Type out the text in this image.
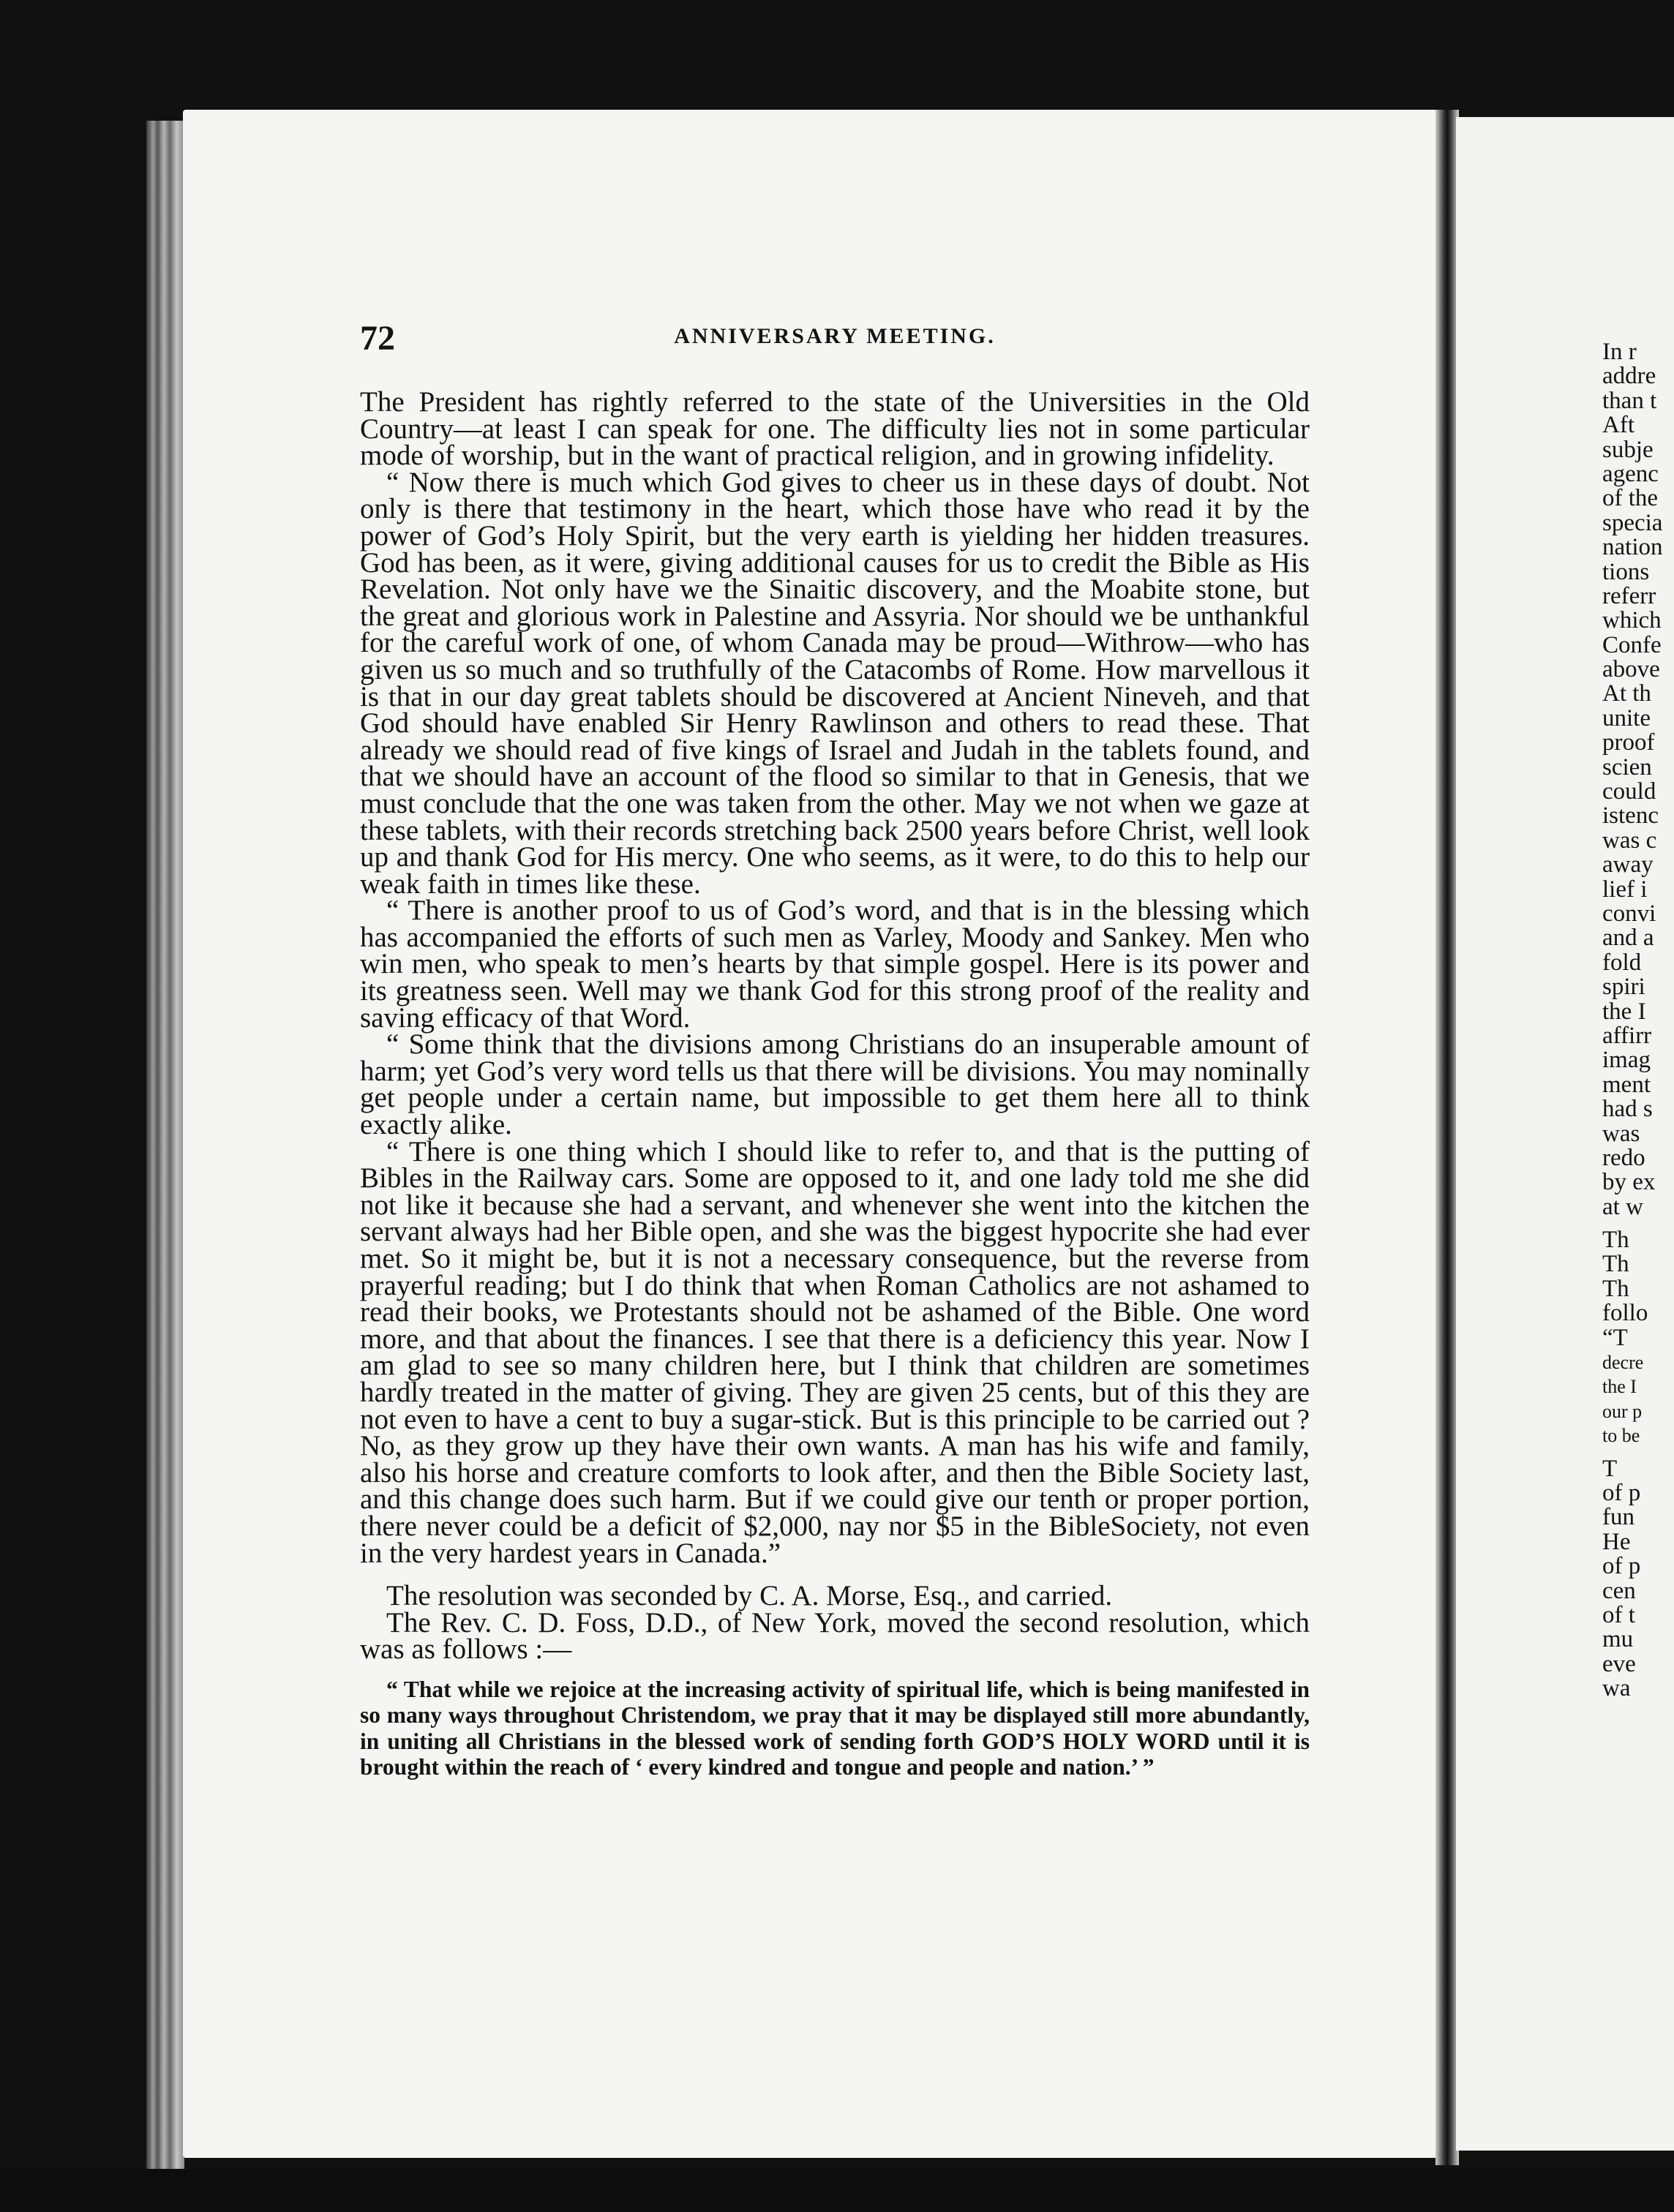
72	ANNIVERSARY MEETING.

The President has rightly referred to the state of the Universities in the Old Country—at least I can speak for one. The difficulty lies not in some particular mode of worship, but in the want of practical religion, and in growing infidelity.

“ Now there is much which God gives to cheer us in these days of doubt. Not only is there that testimony in the heart, which those have who read it by the power of God’s Holy Spirit, but the very earth is yielding her hidden treasures. God has been, as it were, giving additional causes for us to credit the Bible as His Revelation. Not only have we the Sinaitic discovery, and the Moabite stone, but the great and glorious work in Palestine and Assyria. Nor should we be unthankful for the careful work of one, of whom Canada may be proud—Withrow—who has given us so much and so truthfully of the Catacombs of Rome. How marvellous it is that in our day great tablets should be discovered at Ancient Nineveh, and that God should have enabled Sir Henry Rawlinson and others to read these. That already we should read of five kings of Israel and Judah in the tablets found, and that we should have an account of the flood so similar to that in Genesis, that we must conclude that the one was taken from the other. May we not when we gaze at these tablets, with their records stretching back 2500 years before Christ, well look up and thank God for His mercy. One who seems, as it were, to do this to help our weak faith in times like these.

“ There is another proof to us of God’s word, and that is in the blessing which has accompanied the efforts of such men as Varley, Moody and Sankey. Men who win men, who speak to men’s hearts by that simple gospel. Here is its power and its greatness seen. Well may we thank God for this strong proof of the reality and saving efficacy of that Word.

“ Some think that the divisions among Christians do an insuperable amount of harm; yet God’s very word tells us that there will be divisions. You may nominally get people under a certain name, but impossible to get them here all to think exactly alike.

“ There is one thing which I should like to refer to, and that is the putting of Bibles in the Railway cars. Some are opposed to it, and one lady told me she did not like it because she had a servant, and whenever she went into the kitchen the servant always had her Bible open, and she was the biggest hypocrite she had ever met. So it might be, but it is not a necessary consequence, but the reverse from prayerful reading; but I do think that when Roman Catholics are not ashamed to read their books, we Protestants should not be ashamed of the Bible. One word more, and that about the finances. I see that there is a deficiency this year. Now I am glad to see so many children here, but I think that children are sometimes hardly treated in the matter of giving. They are given 25 cents, but of this they are not even to have a cent to buy a sugar-stick. But is this principle to be carried out ? No, as they grow up they have their own wants. A man has his wife and family, also his horse and creature comforts to look after, and then the Bible Society last, and this change does such harm. But if we could give our tenth or proper portion, there never could be a deficit of $2,000, nay nor $5 in the BibleSociety, not even in the very hardest years in Canada.”

The resolution was seconded by C. A. Morse, Esq., and carried.

The Rev. C. D. Foss, D.D., of New York, moved the second resolution, which was as follows :—

“ That while we rejoice at the increasing activity of spiritual life, which is being manifested in so many ways throughout Christendom, we pray that it may be displayed still more abundantly, in uniting all Christians in the blessed work of sending forth GOD’S HOLY WORD until it is brought within the reach of ‘ every kindred and tongue and people and nation.’ ”

In r
addre
than t
Aft
subje
agenc
of the
specia
nation
tions
referr
which
Confe
above
At th
unite
proof
scien
could
istenc
was c
away
lief i
convi
and a
fold
spiri
the I
affirr
imag
ment
had s
was
redo
by ex
at w
Th
Th
Th
follo
“T
decre
the I
our p
to be
T
of p
fun
He
of p
cen
of t
mu
eve
wa
